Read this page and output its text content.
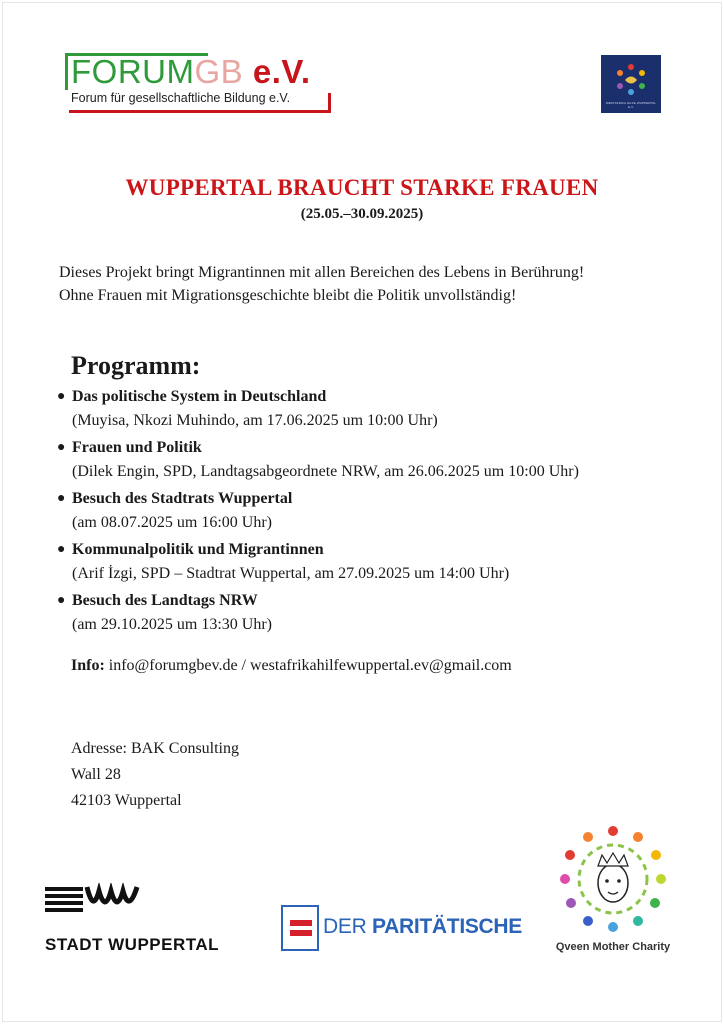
FORUMGB e.V.
Forum für gesellschaftliche Bildung e.V.	WESTAFRIKA HILFE WUPPERTAL E.V.
WUPPERTAL BRAUCHT STARKE FRAUEN
(25.05.–30.09.2025)
Dieses Projekt bringt Migrantinnen mit allen Bereichen des Lebens in Berührung!
Ohne Frauen mit Migrationsgeschichte bleibt die Politik unvollständig!
Programm:
● Das politische System in Deutschland
(Muyisa, Nkozi Muhindo, am 17.06.2025 um 10:00 Uhr)
● Frauen und Politik
(Dilek Engin, SPD, Landtagsabgeordnete NRW, am 26.06.2025 um 10:00 Uhr)
● Besuch des Stadtrats Wuppertal
(am 08.07.2025 um 16:00 Uhr)
● Kommunalpolitik und Migrantinnen
(Arif İzgi, SPD – Stadtrat Wuppertal, am 27.09.2025 um 14:00 Uhr)
● Besuch des Landtags NRW
(am 29.10.2025 um 13:30 Uhr)
Info: info@forumgbev.de / westafrikahilfewuppertal.ev@gmail.com
Adresse: BAK Consulting
Wall 28
42103 Wuppertal
STADT WUPPERTAL
DER PARITÄTISCHE
Qveen Mother Charity
